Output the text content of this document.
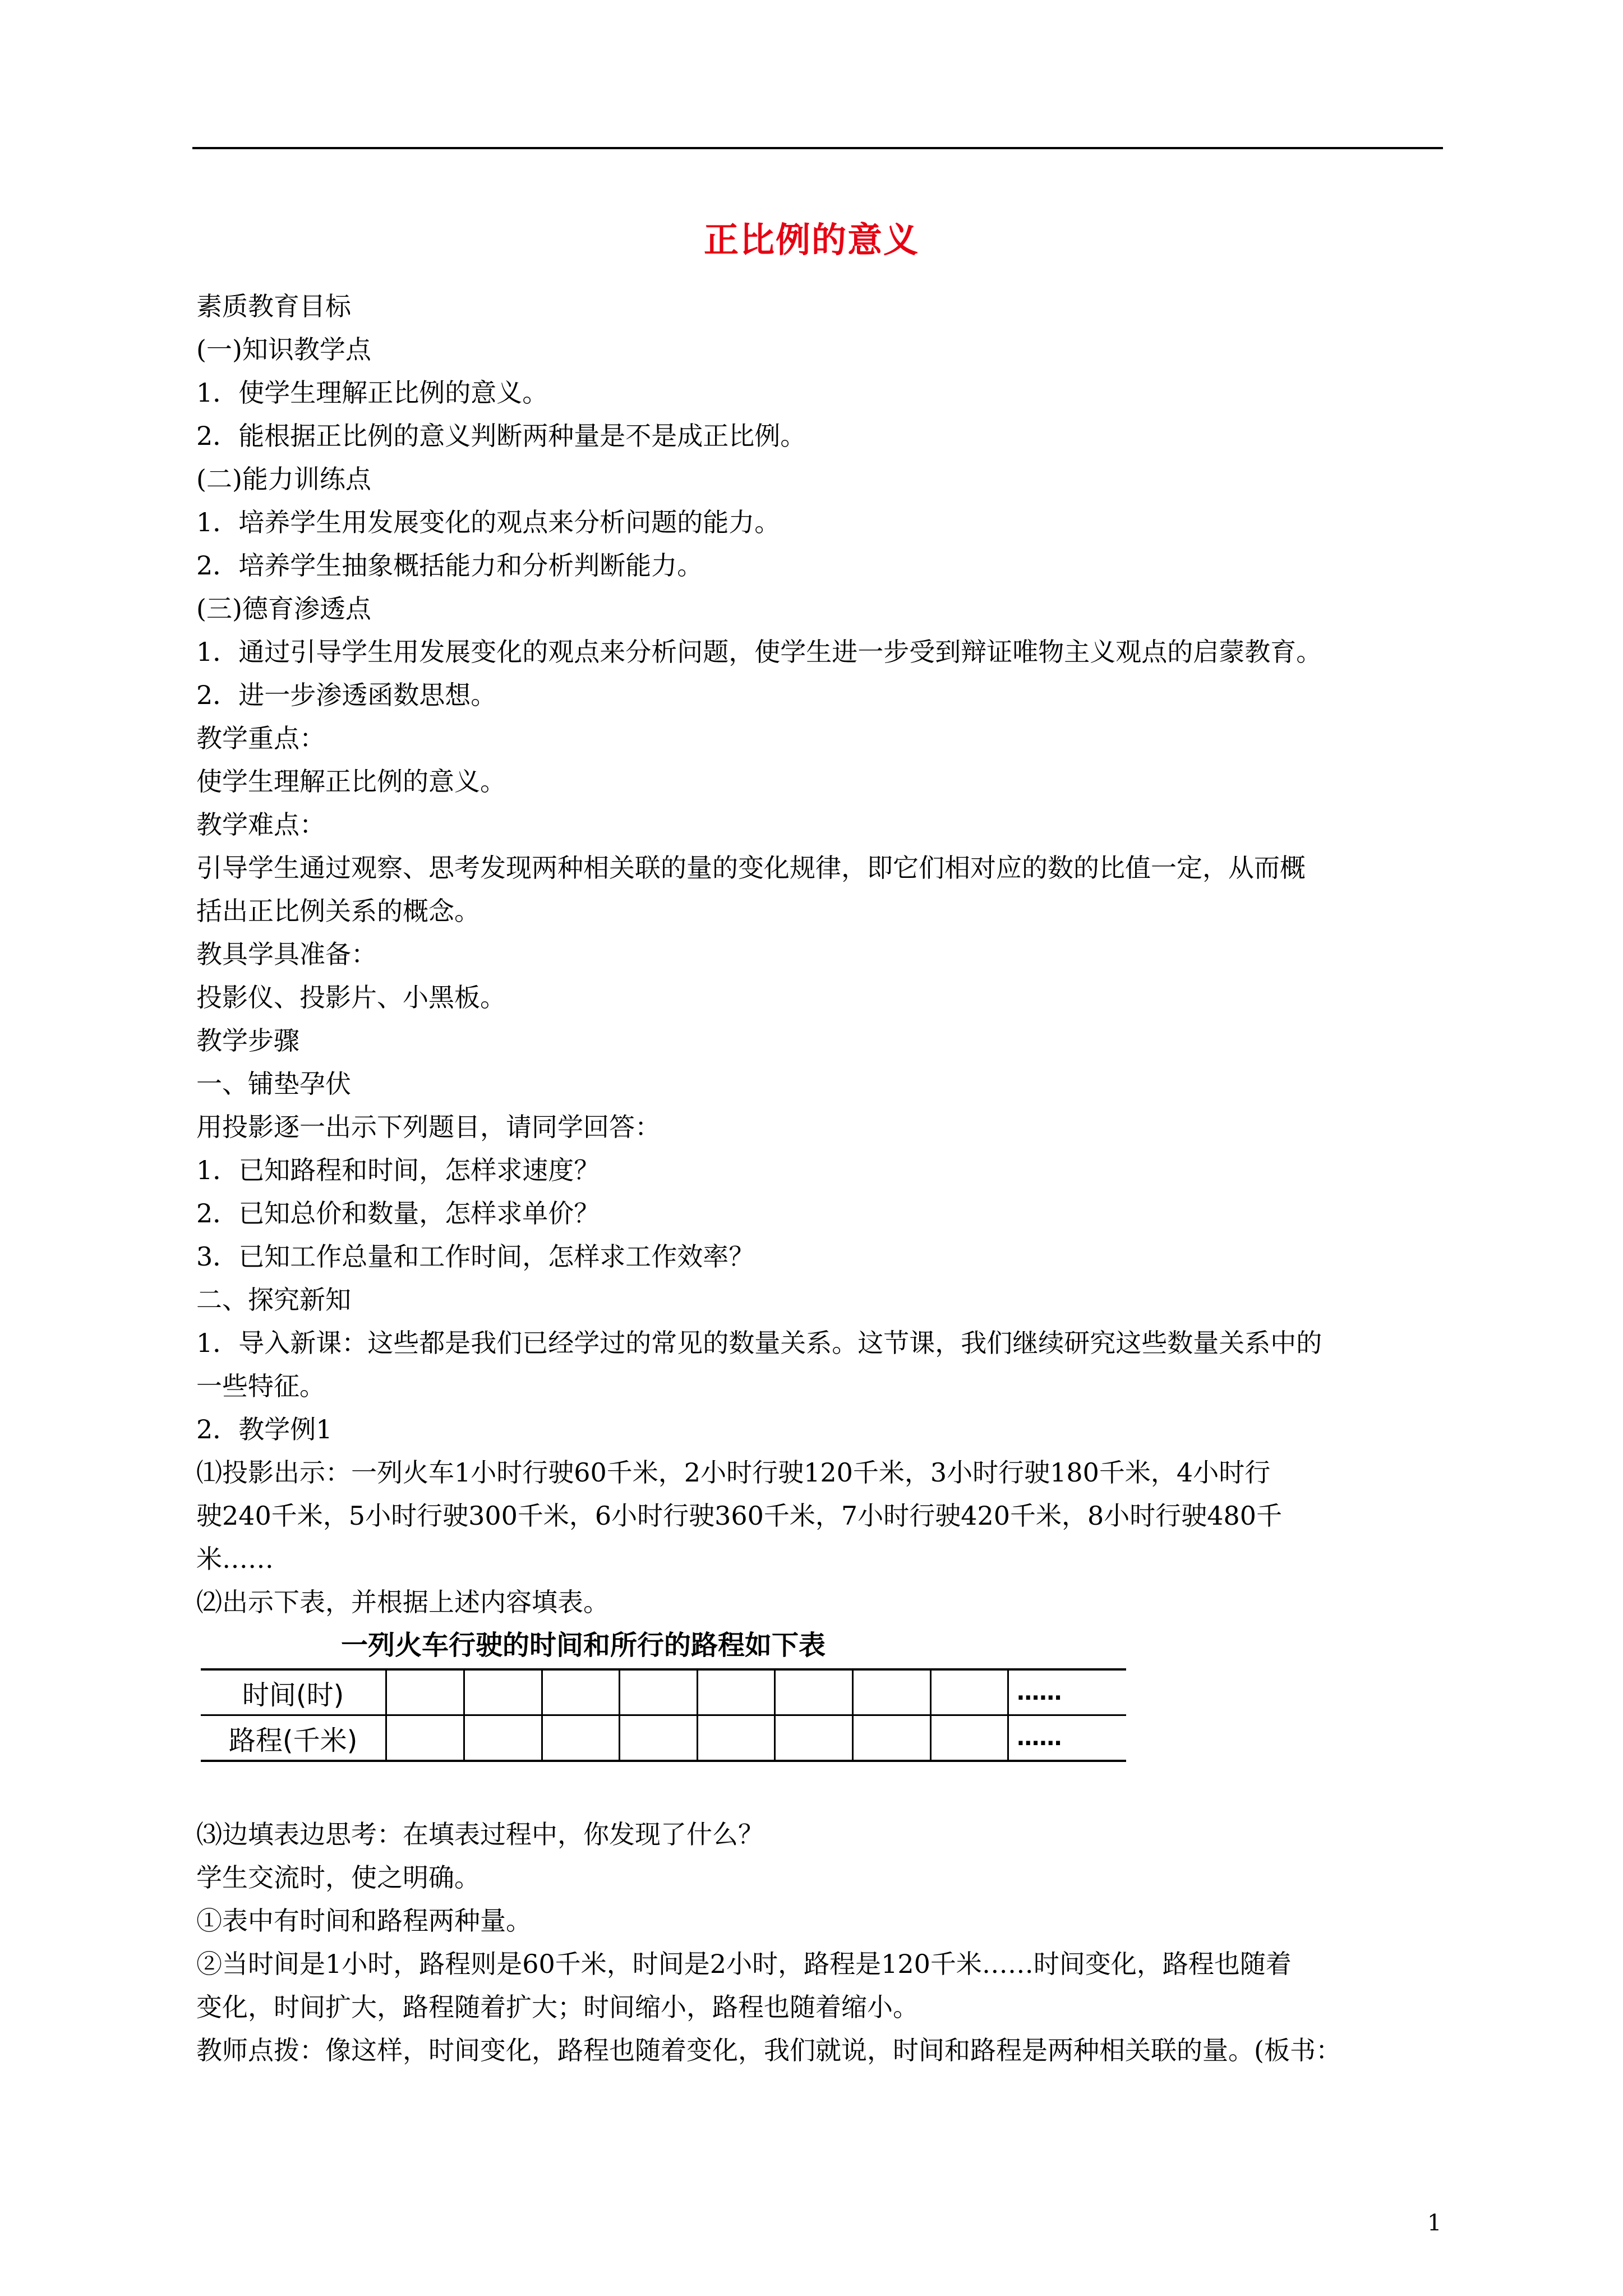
正比例的意义

素质教育目标

(一)知识教学点

1．使学生理解正比例的意义。

2．能根据正比例的意义判断两种量是不是成正比例。

(二)能力训练点

1．培养学生用发展变化的观点来分析问题的能力。

2．培养学生抽象概括能力和分析判断能力。

(三)德育渗透点

1．通过引导学生用发展变化的观点来分析问题，使学生进一步受到辩证唯物主义观点的启蒙教育。

2．进一步渗透函数思想。

教学重点：

使学生理解正比例的意义。

教学难点：

引导学生通过观察、思考发现两种相关联的量的变化规律，即它们相对应的数的比值一定，从而概

括出正比例关系的概念。

教具学具准备：

投影仪、投影片、小黑板。

教学步骤

一、铺垫孕伏

用投影逐一出示下列题目，请同学回答：

1．已知路程和时间，怎样求速度？

2．已知总价和数量，怎样求单价？

3．已知工作总量和工作时间，怎样求工作效率？

二、探究新知

1．导入新课：这些都是我们已经学过的常见的数量关系。这节课，我们继续研究这些数量关系中的

一些特征。

2．教学例1

⑴投影出示：一列火车1小时行驶60千米，2小时行驶120千米，3小时行驶180千米，4小时行

驶240千米，5小时行驶300千米，6小时行驶360千米，7小时行驶420千米，8小时行驶480千

米……

⑵出示下表，并根据上述内容填表。

一列火车行驶的时间和所行的路程如下表
时间(时)									……
路程(千米)									……

⑶边填表边思考：在填表过程中，你发现了什么？

学生交流时，使之明确。

①表中有时间和路程两种量。

②当时间是1小时，路程则是60千米，时间是2小时，路程是120千米……时间变化，路程也随着

变化，时间扩大，路程随着扩大；时间缩小，路程也随着缩小。

教师点拨：像这样，时间变化，路程也随着变化，我们就说，时间和路程是两种相关联的量。(板书：

1
